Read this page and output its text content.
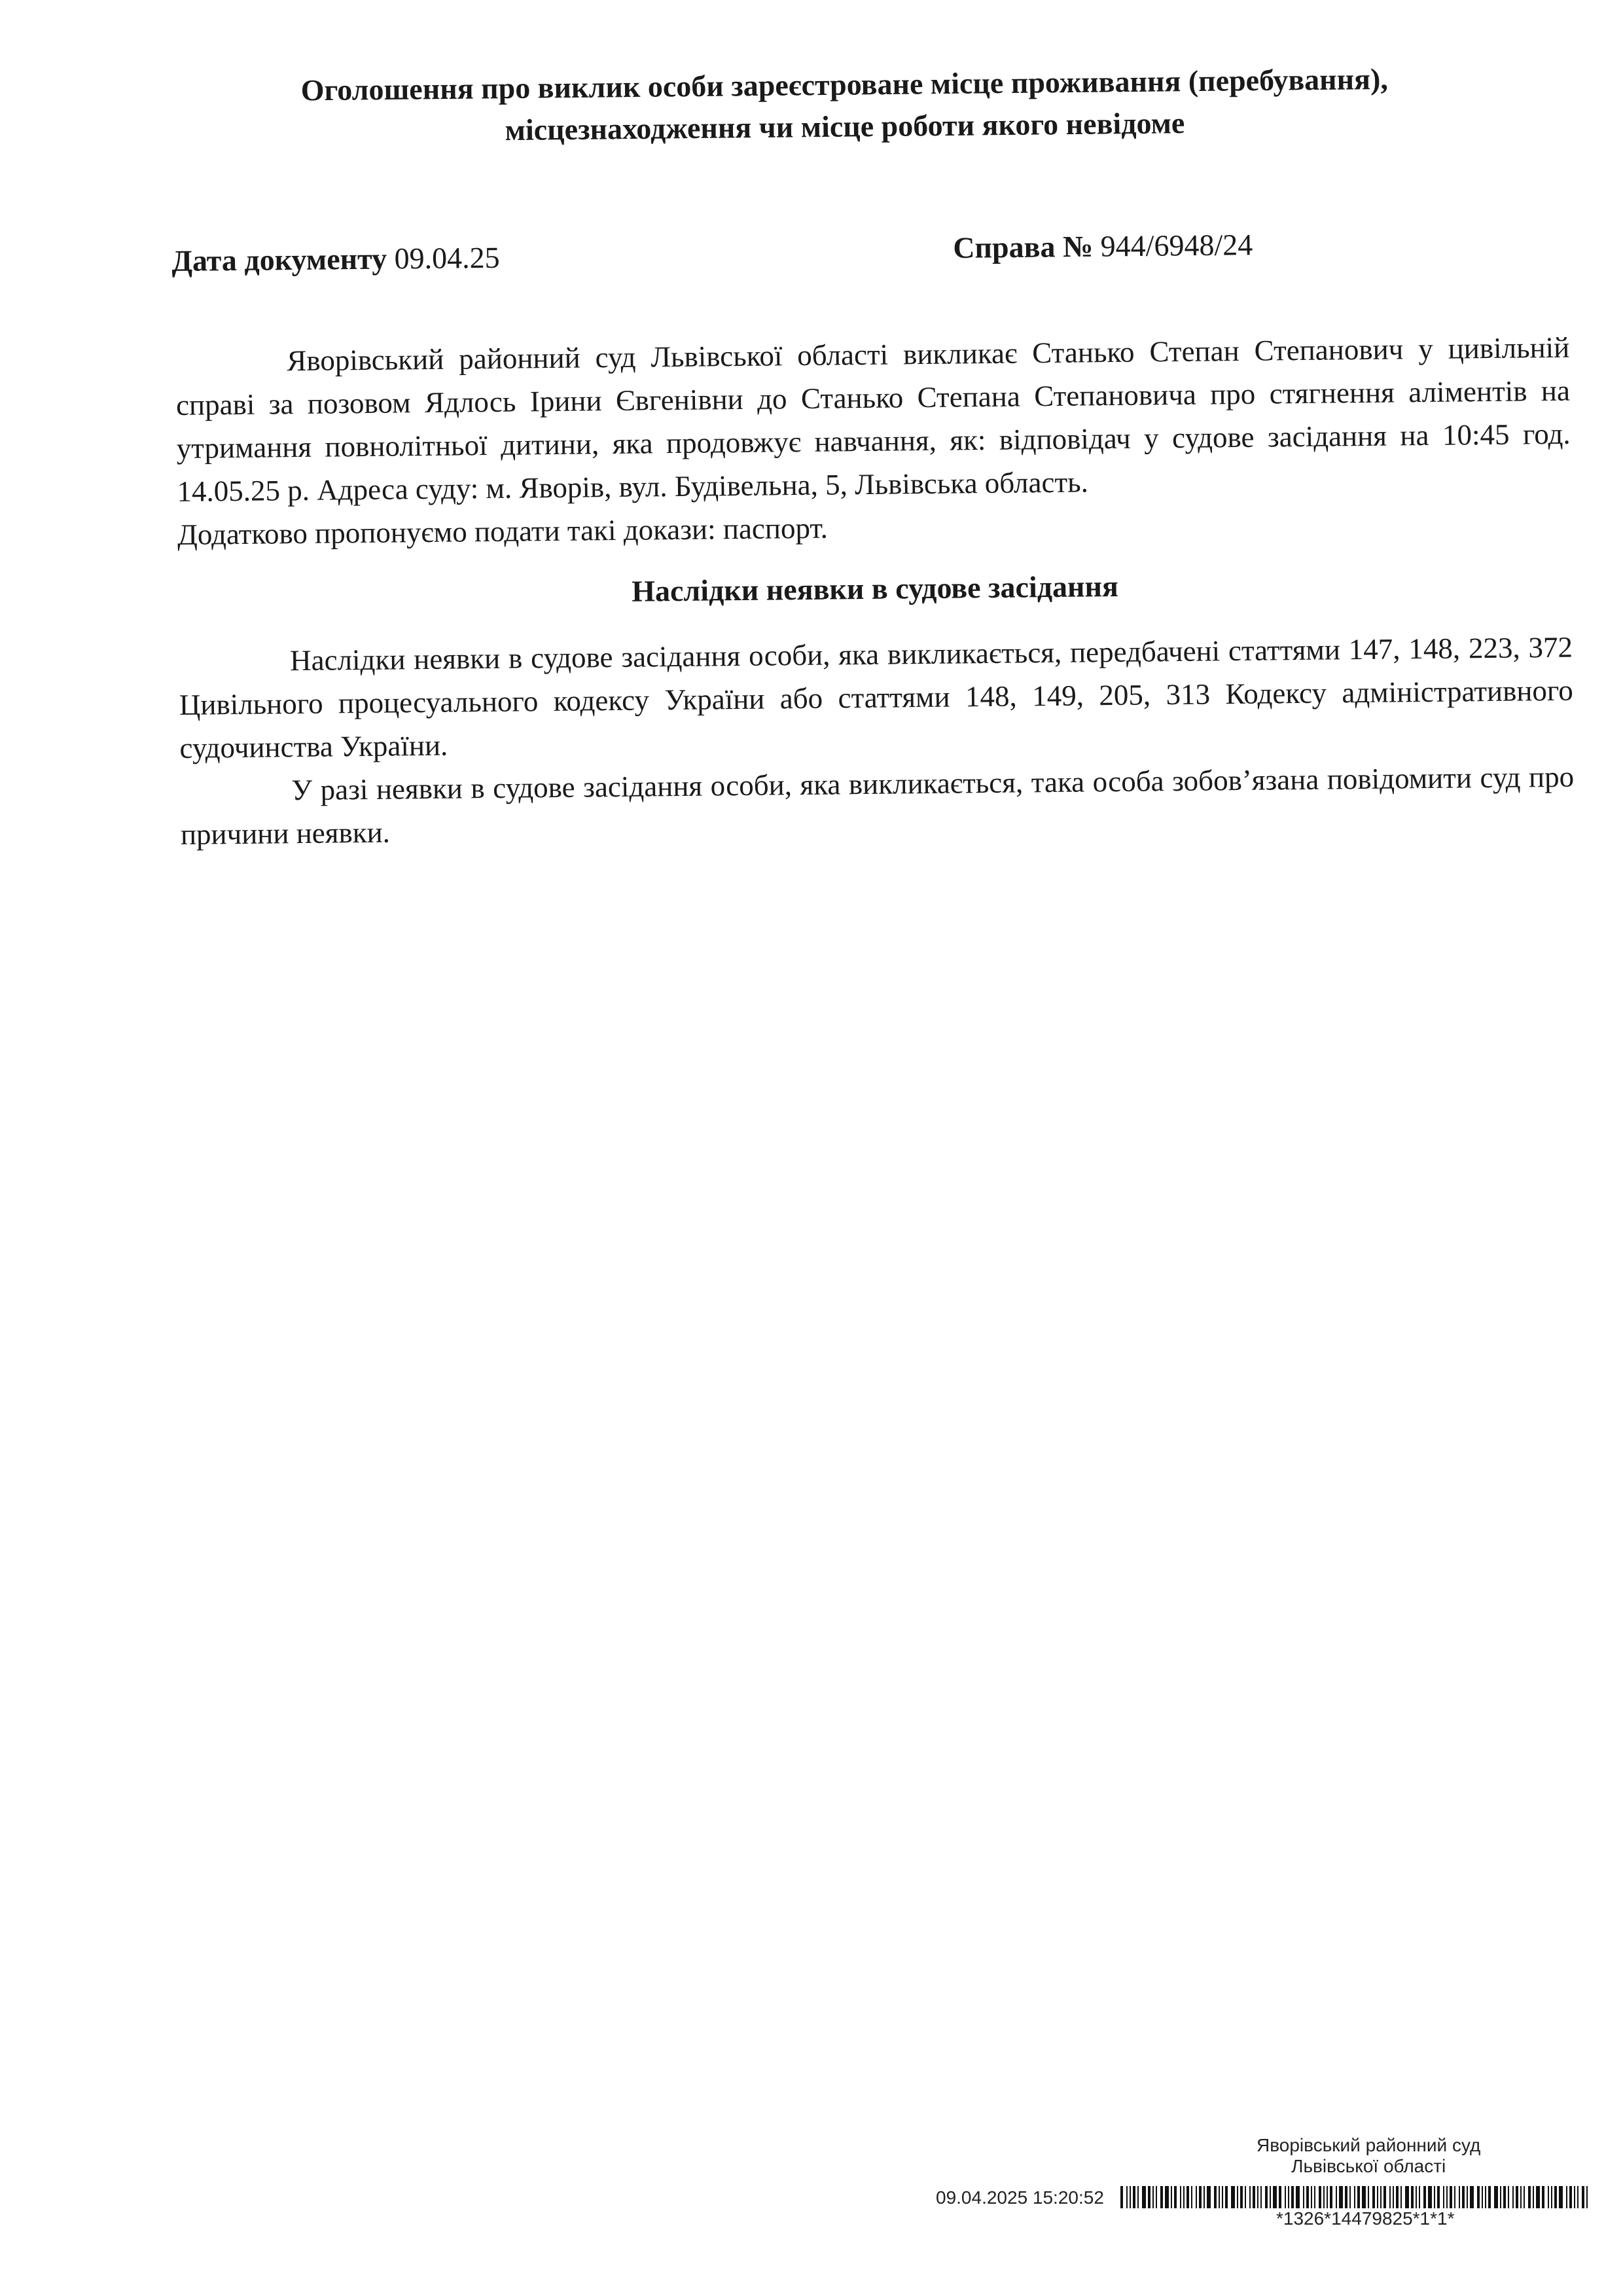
Оголошення про виклик особи зареєстроване місце проживання (перебування),
місцезнаходження чи місце роботи якого невідоме
Дата документу 09.04.25	Справа № 944/6948/24

Яворівський районний суд Львівської області викликає Станько Степан Степанович у цивільній справі за позовом Ядлось Ірини Євгенівни до Станько Степана Степановича про стягнення аліментів на утримання повнолітньої дитини, яка продовжує навчання, як: відповідач у судове засідання на 10:45 год. 14.05.25 р. Адреса суду: м. Яворів, вул. Будівельна, 5, Львівська область.

Додатково пропонуємо подати такі докази: паспорт.

Наслідки неявки в судове засідання

Наслідки неявки в судове засідання особи, яка викликається, передбачені статтями 147, 148, 223, 372 Цивільного процесуального кодексу України або статтями 148, 149, 205, 313 Кодексу адміністративного судочинства України.

У разі неявки в судове засідання особи, яка викликається, така особа зобов’язана повідомити суд про причини неявки.

Яворівський районний суд
Львівської області
09.04.2025 15:20:52
*1326*14479825*1*1*
